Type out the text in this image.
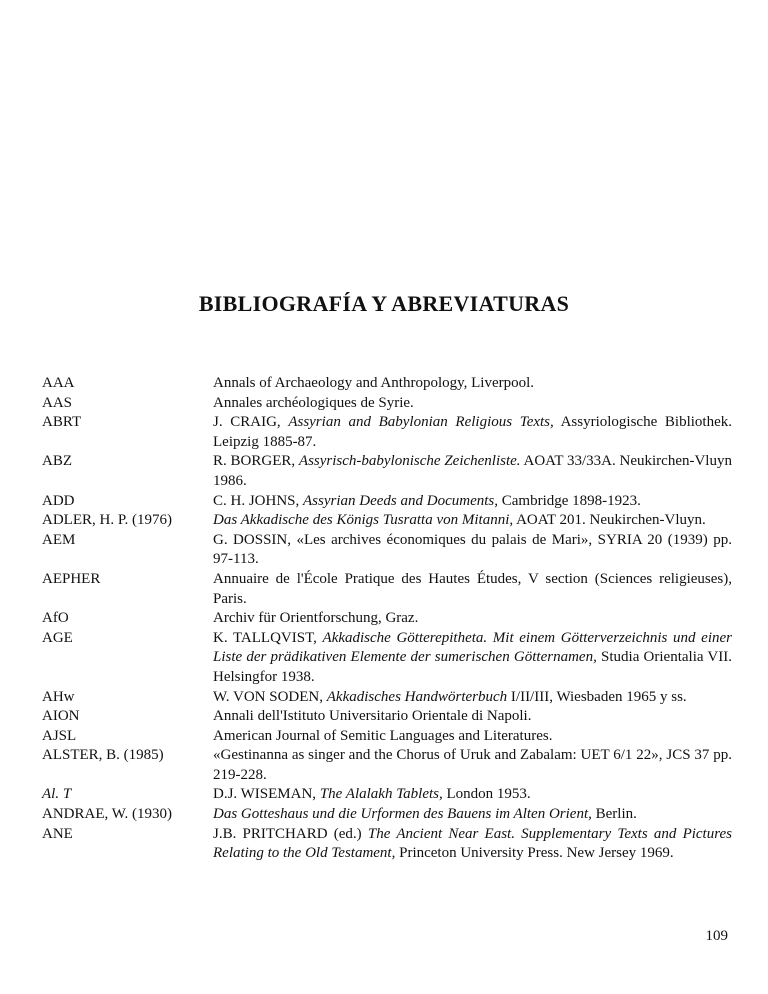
BIBLIOGRAFÍA Y ABREVIATURAS
AAA	Annals of Archaeology and Anthropology, Liverpool.
AAS	Annales archéologiques de Syrie.
ABRT	J. CRAIG, Assyrian and Babylonian Religious Texts, Assyriologische Bibliothek. Leipzig 1885-87.
ABZ	R. BORGER, Assyrisch-babylonische Zeichenliste. AOAT 33/33A. Neukirchen-Vluyn 1986.
ADD	C. H. JOHNS, Assyrian Deeds and Documents, Cambridge 1898-1923.
ADLER, H. P. (1976)	Das Akkadische des Königs Tusratta von Mitanni, AOAT 201. Neukirchen-Vluyn.
AEM	G. DOSSIN, «Les archives économiques du palais de Mari», SYRIA 20 (1939) pp. 97-113.
AEPHER	Annuaire de l'École Pratique des Hautes Études, V section (Sciences religieuses), Paris.
AfO	Archiv für Orientforschung, Graz.
AGE	K. TALLQVIST, Akkadische Götterepitheta. Mit einem Götterverzeichnis und einer Liste der prädikativen Elemente der sumerischen Götternamen, Studia Orientalia VII. Helsingfor 1938.
AHw	W. VON SODEN, Akkadisches Handwörterbuch I/II/III, Wiesbaden 1965 y ss.
AION	Annali dell'Istituto Universitario Orientale di Napoli.
AJSL	American Journal of Semitic Languages and Literatures.
ALSTER, B. (1985)	«Gestinanna as singer and the Chorus of Uruk and Zabalam: UET 6/1 22», JCS 37 pp. 219-228.
Al. T	D.J. WISEMAN, The Alalakh Tablets, London 1953.
ANDRAE, W. (1930)	Das Gotteshaus und die Urformen des Bauens im Alten Orient, Berlin.
ANE	J.B. PRITCHARD (ed.) The Ancient Near East. Supplementary Texts and Pictures Relating to the Old Testament, Princeton University Press. New Jersey 1969.
109
